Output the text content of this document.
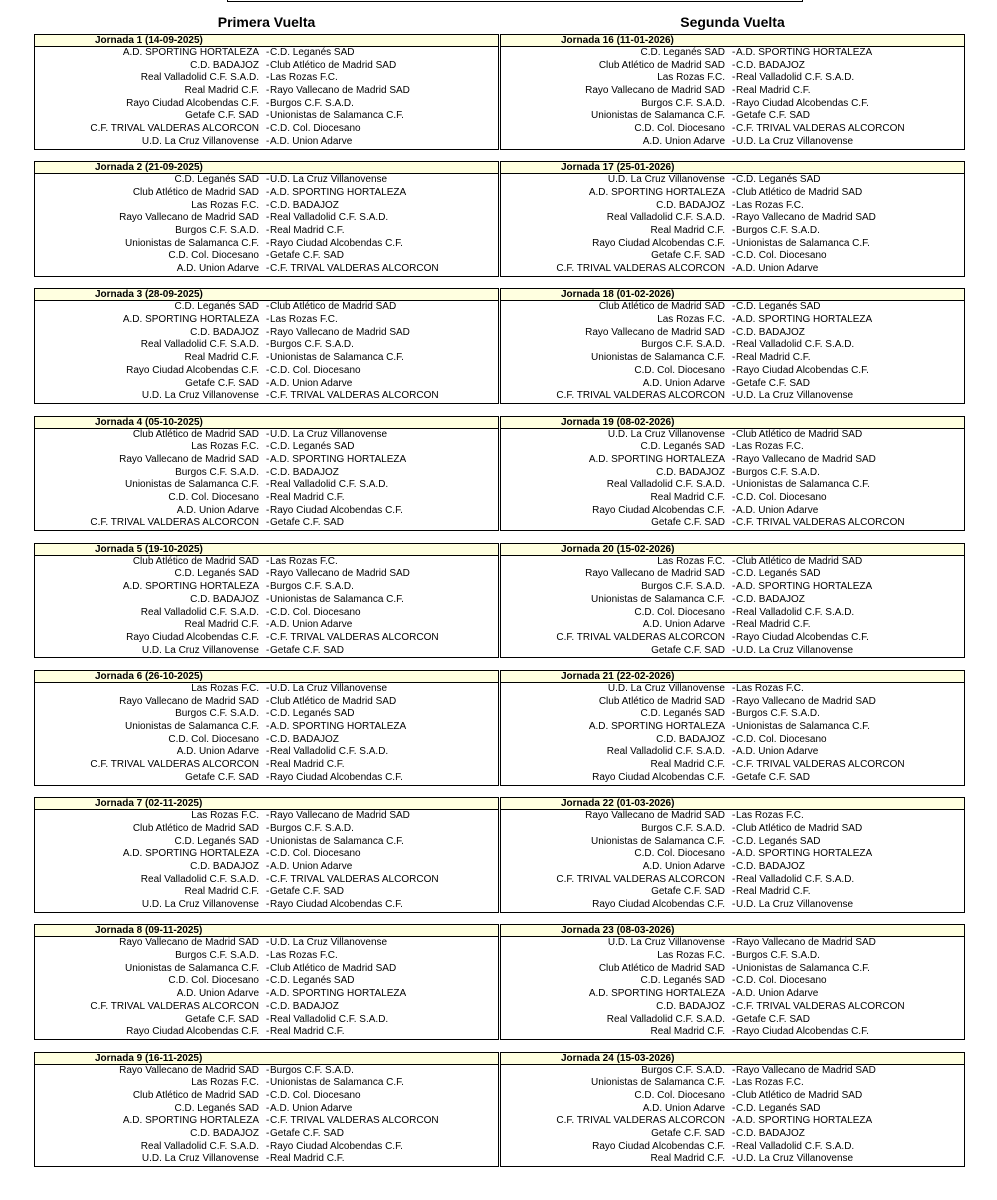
Primera Vuelta	Segunda Vuelta
Jornada 1 (14-09-2025)
A.D. SPORTING HORTALEZA - C.D. Leganés SAD
C.D. BADAJOZ - Club Atlético de Madrid SAD
Real Valladolid C.F. S.A.D. - Las Rozas F.C.
Real Madrid C.F. - Rayo Vallecano de Madrid SAD
Rayo Ciudad Alcobendas C.F. - Burgos C.F. S.A.D.
Getafe C.F. SAD - Unionistas de Salamanca C.F.
C.F. TRIVAL VALDERAS ALCORCON - C.D. Col. Diocesano
U.D. La Cruz Villanovense - A.D. Union Adarve
Jornada 2 (21-09-2025)
C.D. Leganés SAD - U.D. La Cruz Villanovense
Club Atlético de Madrid SAD - A.D. SPORTING HORTALEZA
Las Rozas F.C. - C.D. BADAJOZ
Rayo Vallecano de Madrid SAD - Real Valladolid C.F. S.A.D.
Burgos C.F. S.A.D. - Real Madrid C.F.
Unionistas de Salamanca C.F. - Rayo Ciudad Alcobendas C.F.
C.D. Col. Diocesano - Getafe C.F. SAD
A.D. Union Adarve - C.F. TRIVAL VALDERAS ALCORCON
Jornada 3 (28-09-2025)
C.D. Leganés SAD - Club Atlético de Madrid SAD
A.D. SPORTING HORTALEZA - Las Rozas F.C.
C.D. BADAJOZ - Rayo Vallecano de Madrid SAD
Real Valladolid C.F. S.A.D. - Burgos C.F. S.A.D.
Real Madrid C.F. - Unionistas de Salamanca C.F.
Rayo Ciudad Alcobendas C.F. - C.D. Col. Diocesano
Getafe C.F. SAD - A.D. Union Adarve
U.D. La Cruz Villanovense - C.F. TRIVAL VALDERAS ALCORCON
Jornada 4 (05-10-2025)
Club Atlético de Madrid SAD - U.D. La Cruz Villanovense
Las Rozas F.C. - C.D. Leganés SAD
Rayo Vallecano de Madrid SAD - A.D. SPORTING HORTALEZA
Burgos C.F. S.A.D. - C.D. BADAJOZ
Unionistas de Salamanca C.F. - Real Valladolid C.F. S.A.D.
C.D. Col. Diocesano - Real Madrid C.F.
A.D. Union Adarve - Rayo Ciudad Alcobendas C.F.
C.F. TRIVAL VALDERAS ALCORCON - Getafe C.F. SAD
Jornada 5 (19-10-2025)
Club Atlético de Madrid SAD - Las Rozas F.C.
C.D. Leganés SAD - Rayo Vallecano de Madrid SAD
A.D. SPORTING HORTALEZA - Burgos C.F. S.A.D.
C.D. BADAJOZ - Unionistas de Salamanca C.F.
Real Valladolid C.F. S.A.D. - C.D. Col. Diocesano
Real Madrid C.F. - A.D. Union Adarve
Rayo Ciudad Alcobendas C.F. - C.F. TRIVAL VALDERAS ALCORCON
U.D. La Cruz Villanovense - Getafe C.F. SAD
Jornada 6 (26-10-2025)
Las Rozas F.C. - U.D. La Cruz Villanovense
Rayo Vallecano de Madrid SAD - Club Atlético de Madrid SAD
Burgos C.F. S.A.D. - C.D. Leganés SAD
Unionistas de Salamanca C.F. - A.D. SPORTING HORTALEZA
C.D. Col. Diocesano - C.D. BADAJOZ
A.D. Union Adarve - Real Valladolid C.F. S.A.D.
C.F. TRIVAL VALDERAS ALCORCON - Real Madrid C.F.
Getafe C.F. SAD - Rayo Ciudad Alcobendas C.F.
Jornada 7 (02-11-2025)
Las Rozas F.C. - Rayo Vallecano de Madrid SAD
Club Atlético de Madrid SAD - Burgos C.F. S.A.D.
C.D. Leganés SAD - Unionistas de Salamanca C.F.
A.D. SPORTING HORTALEZA - C.D. Col. Diocesano
C.D. BADAJOZ - A.D. Union Adarve
Real Valladolid C.F. S.A.D. - C.F. TRIVAL VALDERAS ALCORCON
Real Madrid C.F. - Getafe C.F. SAD
U.D. La Cruz Villanovense - Rayo Ciudad Alcobendas C.F.
Jornada 8 (09-11-2025)
Rayo Vallecano de Madrid SAD - U.D. La Cruz Villanovense
Burgos C.F. S.A.D. - Las Rozas F.C.
Unionistas de Salamanca C.F. - Club Atlético de Madrid SAD
C.D. Col. Diocesano - C.D. Leganés SAD
A.D. Union Adarve - A.D. SPORTING HORTALEZA
C.F. TRIVAL VALDERAS ALCORCON - C.D. BADAJOZ
Getafe C.F. SAD - Real Valladolid C.F. S.A.D.
Rayo Ciudad Alcobendas C.F. - Real Madrid C.F.
Jornada 9 (16-11-2025)
Rayo Vallecano de Madrid SAD - Burgos C.F. S.A.D.
Las Rozas F.C. - Unionistas de Salamanca C.F.
Club Atlético de Madrid SAD - C.D. Col. Diocesano
C.D. Leganés SAD - A.D. Union Adarve
A.D. SPORTING HORTALEZA - C.F. TRIVAL VALDERAS ALCORCON
C.D. BADAJOZ - Getafe C.F. SAD
Real Valladolid C.F. S.A.D. - Rayo Ciudad Alcobendas C.F.
U.D. La Cruz Villanovense - Real Madrid C.F.
Jornada 16 (11-01-2026)
C.D. Leganés SAD - A.D. SPORTING HORTALEZA
Club Atlético de Madrid SAD - C.D. BADAJOZ
Las Rozas F.C. - Real Valladolid C.F. S.A.D.
Rayo Vallecano de Madrid SAD - Real Madrid C.F.
Burgos C.F. S.A.D. - Rayo Ciudad Alcobendas C.F.
Unionistas de Salamanca C.F. - Getafe C.F. SAD
C.D. Col. Diocesano - C.F. TRIVAL VALDERAS ALCORCON
A.D. Union Adarve - U.D. La Cruz Villanovense
Jornada 17 (25-01-2026)
U.D. La Cruz Villanovense - C.D. Leganés SAD
A.D. SPORTING HORTALEZA - Club Atlético de Madrid SAD
C.D. BADAJOZ - Las Rozas F.C.
Real Valladolid C.F. S.A.D. - Rayo Vallecano de Madrid SAD
Real Madrid C.F. - Burgos C.F. S.A.D.
Rayo Ciudad Alcobendas C.F. - Unionistas de Salamanca C.F.
Getafe C.F. SAD - C.D. Col. Diocesano
C.F. TRIVAL VALDERAS ALCORCON - A.D. Union Adarve
Jornada 18 (01-02-2026)
Club Atlético de Madrid SAD - C.D. Leganés SAD
Las Rozas F.C. - A.D. SPORTING HORTALEZA
Rayo Vallecano de Madrid SAD - C.D. BADAJOZ
Burgos C.F. S.A.D. - Real Valladolid C.F. S.A.D.
Unionistas de Salamanca C.F. - Real Madrid C.F.
C.D. Col. Diocesano - Rayo Ciudad Alcobendas C.F.
A.D. Union Adarve - Getafe C.F. SAD
C.F. TRIVAL VALDERAS ALCORCON - U.D. La Cruz Villanovense
Jornada 19 (08-02-2026)
U.D. La Cruz Villanovense - Club Atlético de Madrid SAD
C.D. Leganés SAD - Las Rozas F.C.
A.D. SPORTING HORTALEZA - Rayo Vallecano de Madrid SAD
C.D. BADAJOZ - Burgos C.F. S.A.D.
Real Valladolid C.F. S.A.D. - Unionistas de Salamanca C.F.
Real Madrid C.F. - C.D. Col. Diocesano
Rayo Ciudad Alcobendas C.F. - A.D. Union Adarve
Getafe C.F. SAD - C.F. TRIVAL VALDERAS ALCORCON
Jornada 20 (15-02-2026)
Las Rozas F.C. - Club Atlético de Madrid SAD
Rayo Vallecano de Madrid SAD - C.D. Leganés SAD
Burgos C.F. S.A.D. - A.D. SPORTING HORTALEZA
Unionistas de Salamanca C.F. - C.D. BADAJOZ
C.D. Col. Diocesano - Real Valladolid C.F. S.A.D.
A.D. Union Adarve - Real Madrid C.F.
C.F. TRIVAL VALDERAS ALCORCON - Rayo Ciudad Alcobendas C.F.
Getafe C.F. SAD - U.D. La Cruz Villanovense
Jornada 21 (22-02-2026)
U.D. La Cruz Villanovense - Las Rozas F.C.
Club Atlético de Madrid SAD - Rayo Vallecano de Madrid SAD
C.D. Leganés SAD - Burgos C.F. S.A.D.
A.D. SPORTING HORTALEZA - Unionistas de Salamanca C.F.
C.D. BADAJOZ - C.D. Col. Diocesano
Real Valladolid C.F. S.A.D. - A.D. Union Adarve
Real Madrid C.F. - C.F. TRIVAL VALDERAS ALCORCON
Rayo Ciudad Alcobendas C.F. - Getafe C.F. SAD
Jornada 22 (01-03-2026)
Rayo Vallecano de Madrid SAD - Las Rozas F.C.
Burgos C.F. S.A.D. - Club Atlético de Madrid SAD
Unionistas de Salamanca C.F. - C.D. Leganés SAD
C.D. Col. Diocesano - A.D. SPORTING HORTALEZA
A.D. Union Adarve - C.D. BADAJOZ
C.F. TRIVAL VALDERAS ALCORCON - Real Valladolid C.F. S.A.D.
Getafe C.F. SAD - Real Madrid C.F.
Rayo Ciudad Alcobendas C.F. - U.D. La Cruz Villanovense
Jornada 23 (08-03-2026)
U.D. La Cruz Villanovense - Rayo Vallecano de Madrid SAD
Las Rozas F.C. - Burgos C.F. S.A.D.
Club Atlético de Madrid SAD - Unionistas de Salamanca C.F.
C.D. Leganés SAD - C.D. Col. Diocesano
A.D. SPORTING HORTALEZA - A.D. Union Adarve
C.D. BADAJOZ - C.F. TRIVAL VALDERAS ALCORCON
Real Valladolid C.F. S.A.D. - Getafe C.F. SAD
Real Madrid C.F. - Rayo Ciudad Alcobendas C.F.
Jornada 24 (15-03-2026)
Burgos C.F. S.A.D. - Rayo Vallecano de Madrid SAD
Unionistas de Salamanca C.F. - Las Rozas F.C.
C.D. Col. Diocesano - Club Atlético de Madrid SAD
A.D. Union Adarve - C.D. Leganés SAD
C.F. TRIVAL VALDERAS ALCORCON - A.D. SPORTING HORTALEZA
Getafe C.F. SAD - C.D. BADAJOZ
Rayo Ciudad Alcobendas C.F. - Real Valladolid C.F. S.A.D.
Real Madrid C.F. - U.D. La Cruz Villanovense
